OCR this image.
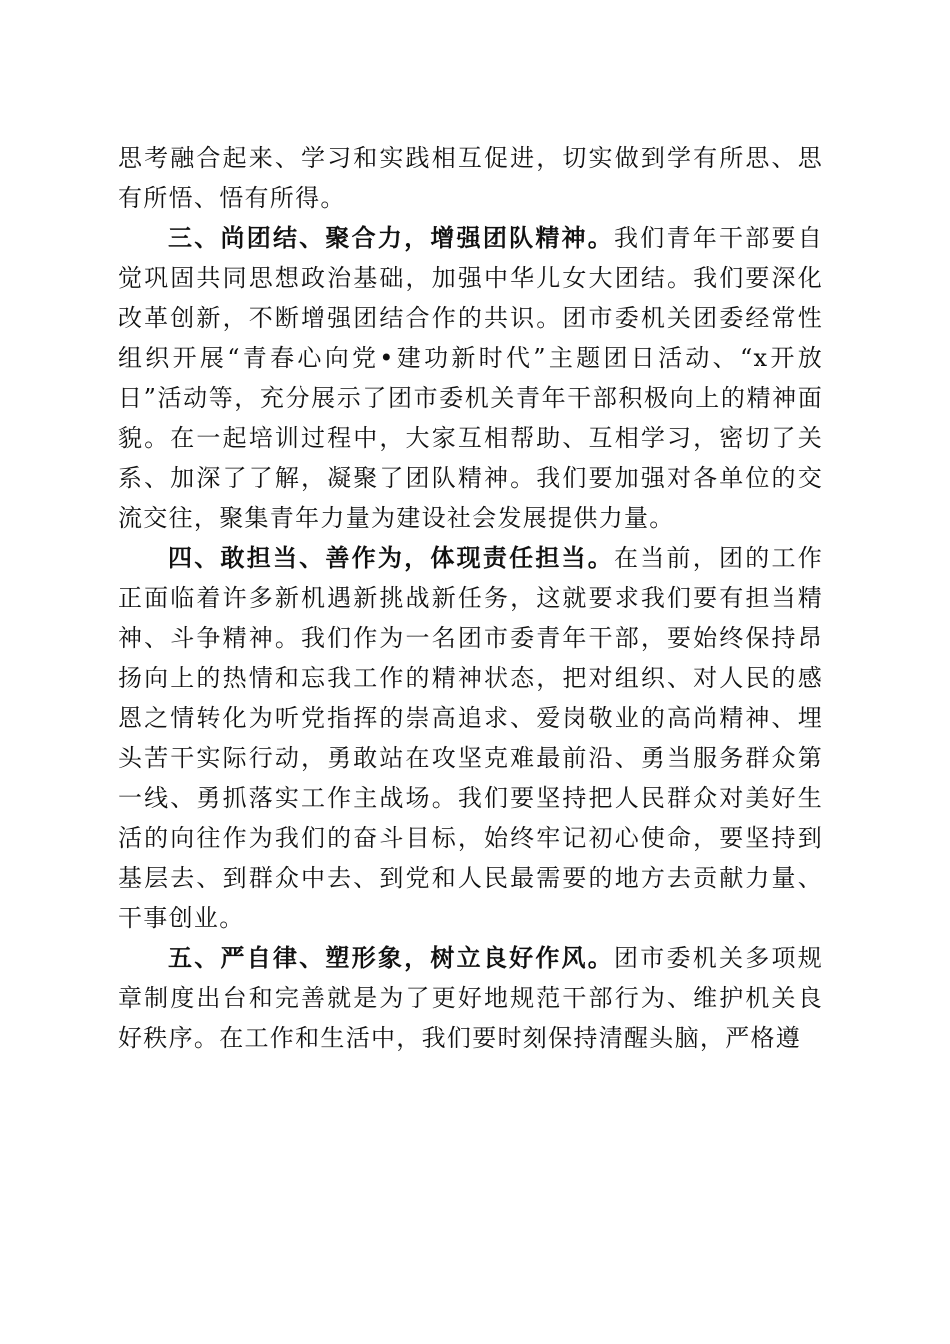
思考融合起来、学习和实践相互促进，切实做到学有所思、思有所悟、悟有所得。

三、尚团结、聚合力，增强团队精神。我们青年干部要自觉巩固共同思想政治基础，加强中华儿女大团结。我们要深化改革创新，不断增强团结合作的共识。团市委机关团委经常性组织开展“青春心向党•建功新时代”主题团日活动、“x开放日”活动等，充分展示了团市委机关青年干部积极向上的精神面貌。在一起培训过程中，大家互相帮助、互相学习，密切了关系、加深了了解，凝聚了团队精神。我们要加强对各单位的交流交往，聚集青年力量为建设社会发展提供力量。

四、敢担当、善作为，体现责任担当。在当前，团的工作正面临着许多新机遇新挑战新任务，这就要求我们要有担当精神、斗争精神。我们作为一名团市委青年干部，要始终保持昂扬向上的热情和忘我工作的精神状态，把对组织、对人民的感恩之情转化为听党指挥的崇高追求、爱岗敬业的高尚精神、埋头苦干实际行动，勇敢站在攻坚克难最前沿、勇当服务群众第一线、勇抓落实工作主战场。我们要坚持把人民群众对美好生活的向往作为我们的奋斗目标，始终牢记初心使命，要坚持到基层去、到群众中去、到党和人民最需要的地方去贡献力量、干事创业。

五、严自律、塑形象，树立良好作风。团市委机关多项规章制度出台和完善就是为了更好地规范干部行为、维护机关良好秩序。在工作和生活中，我们要时刻保持清醒头脑，严格遵
